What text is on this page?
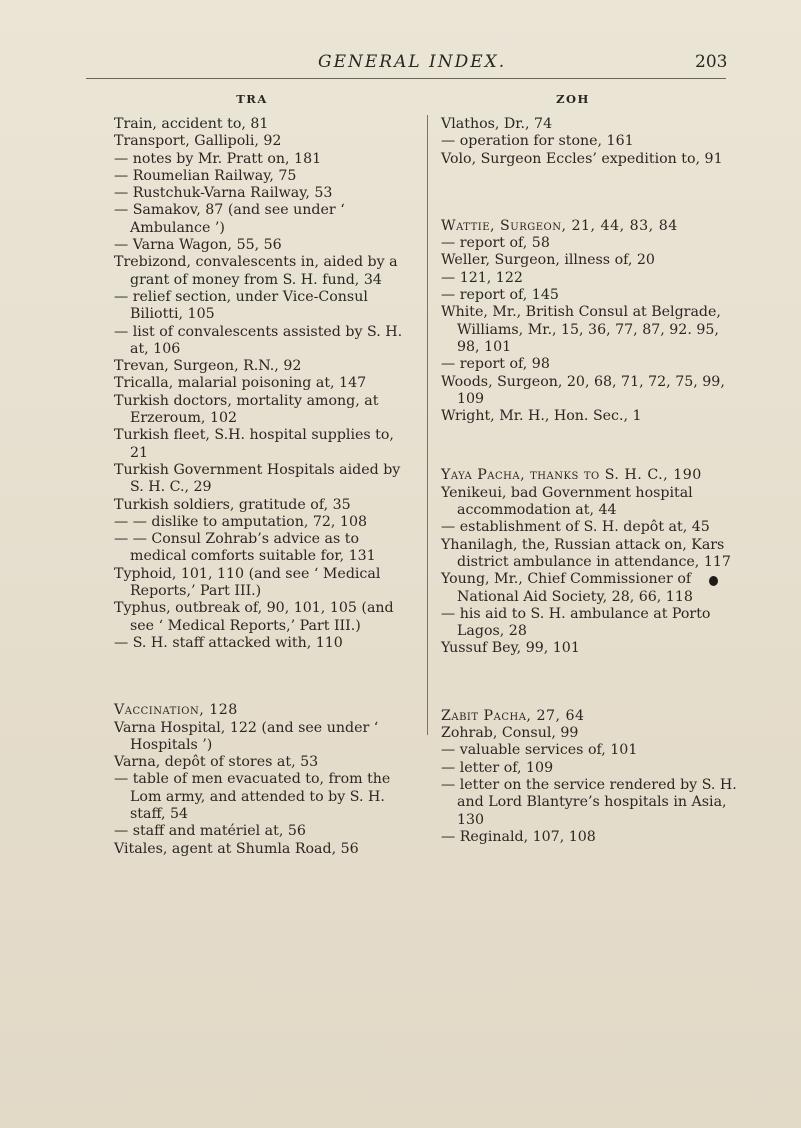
GENERAL INDEX.	203
TRA

Train, accident to, 81

Transport, Gallipoli, 92

— notes by Mr. Pratt on, 181

— Roumelian Railway, 75

— Rustchuk-Varna Railway, 53

— Samakov, 87 (and see under ‘ Ambulance ’)

— Varna Wagon, 55, 56

Trebizond, convalescents in, aided by a grant of money from S. H. fund, 34

— relief section, under Vice-Consul Biliotti, 105

— list of convalescents assisted by S. H. at, 106

Trevan, Surgeon, R.N., 92

Tricalla, malarial poisoning at, 147

Turkish doctors, mortality among, at Erzeroum, 102

Turkish fleet, S.H. hospital supplies to, 21

Turkish Government Hospitals aided by S. H. C., 29

Turkish soldiers, gratitude of, 35

— — dislike to amputation, 72, 108

— — Consul Zohrab’s advice as to medical comforts suitable for, 131

Typhoid, 101, 110 (and see ‘ Medical Reports,’ Part III.)

Typhus, outbreak of, 90, 101, 105 (and see ‘ Medical Reports,’ Part III.)

— S. H. staff attacked with, 110

Vaccination, 128

Varna Hospital, 122 (and see under ‘ Hospitals ’)

Varna, depôt of stores at, 53

— table of men evacuated to, from the Lom army, and attended to by S. H. staff, 54

— staff and matériel at, 56

Vitales, agent at Shumla Road, 56

ZOH

Vlathos, Dr., 74

— operation for stone, 161

Volo, Surgeon Eccles’ expedition to, 91

Wattie, Surgeon, 21, 44, 83, 84

— report of, 58

Weller, Surgeon, illness of, 20

— 121, 122

— report of, 145

White, Mr., British Consul at Belgrade, Williams, Mr., 15, 36, 77, 87, 92. 95, 98, 101

— report of, 98

Woods, Surgeon, 20, 68, 71, 72, 75, 99, 109

Wright, Mr. H., Hon. Sec., 1

Yaya Pacha, thanks to S. H. C., 190

Yenikeui, bad Government hospital accommodation at, 44

— establishment of S. H. depôt at, 45

Yhanilagh, the, Russian attack on, Kars district ambulance in attendance, 117

Young, Mr., Chief Commissioner of National Aid Society, 28, 66, 118

— his aid to S. H. ambulance at Porto Lagos, 28

Yussuf Bey, 99, 101

Zabit Pacha, 27, 64

Zohrab, Consul, 99

— valuable services of, 101

— letter of, 109

— letter on the service rendered by S. H. and Lord Blantyre’s hospitals in Asia, 130

— Reginald, 107, 108
